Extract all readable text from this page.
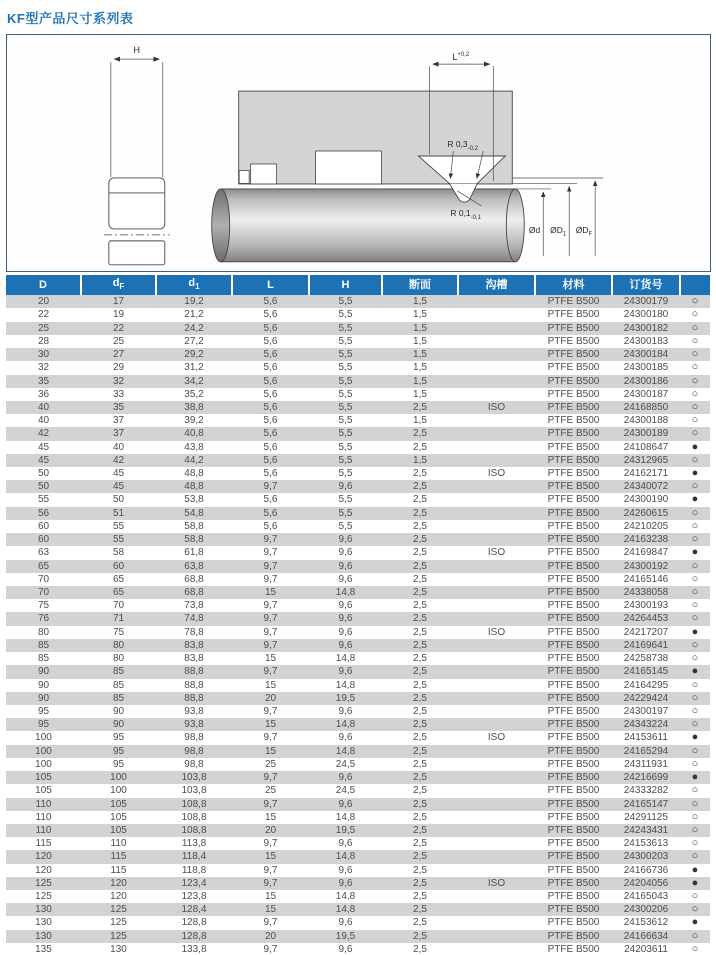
KF型产品尺寸系列表
H
$L^{+0,2}$
R $0,3_{-0,2}$
R $0,1_{-0,1}$
Ød $ØD_1$ $ØD_F$
D	$d_F$	$d_1$	L	H	断面	沟槽	材料	订货号	
20	17	19,2	5,6	5,5	1,5		PTFE B500	24300179	○
22	19	21,2	5,6	5,5	1,5		PTFE B500	24300180	○
25	22	24,2	5,6	5,5	1,5		PTFE B500	24300182	○
28	25	27,2	5,6	5,5	1,5		PTFE B500	24300183	○
30	27	29,2	5,6	5,5	1,5		PTFE B500	24300184	○
32	29	31,2	5,6	5,5	1,5		PTFE B500	24300185	○
35	32	34,2	5,6	5,5	1,5		PTFE B500	24300186	○
36	33	35,2	5,6	5,5	1,5		PTFE B500	24300187	○
40	35	38,8	5,6	5,5	2,5	ISO	PTFE B500	24168850	○
40	37	39,2	5,6	5,5	1,5		PTFE B500	24300188	○
42	37	40,8	5,6	5,5	2,5		PTFE B500	24300189	○
45	40	43,8	5,6	5,5	2,5		PTFE B500	24108647	●
45	42	44,2	5,6	5,5	1,5		PTFE B500	24312965	○
50	45	48,8	5,6	5,5	2,5	ISO	PTFE B500	24162171	●
50	45	48,8	9,7	9,6	2,5		PTFE B500	24340072	○
55	50	53,8	5,6	5,5	2,5		PTFE B500	24300190	●
56	51	54,8	5,6	5,5	2,5		PTFE B500	24260615	○
60	55	58,8	5,6	5,5	2,5		PTFE B500	24210205	○
60	55	58,8	9,7	9,6	2,5		PTFE B500	24163238	○
63	58	61,8	9,7	9,6	2,5	ISO	PTFE B500	24169847	●
65	60	63,8	9,7	9,6	2,5		PTFE B500	24300192	○
70	65	68,8	9,7	9,6	2,5		PTFE B500	24165146	○
70	65	68,8	15	14,8	2,5		PTFE B500	24338058	○
75	70	73,8	9,7	9,6	2,5		PTFE B500	24300193	○
76	71	74,8	9,7	9,6	2,5		PTFE B500	24264453	○
80	75	78,8	9,7	9,6	2,5	ISO	PTFE B500	24217207	●
85	80	83,8	9,7	9,6	2,5		PTFE B500	24169641	○
85	80	83,8	15	14,8	2,5		PTFE B500	24258738	○
90	85	88,8	9,7	9,6	2,5		PTFE B500	24165145	●
90	85	88,8	15	14,8	2,5		PTFE B500	24164295	○
90	85	88,8	20	19,5	2,5		PTFE B500	24229424	○
95	90	93,8	9,7	9,6	2,5		PTFE B500	24300197	○
95	90	93,8	15	14,8	2,5		PTFE B500	24343224	○
100	95	98,8	9,7	9,6	2,5	ISO	PTFE B500	24153611	●
100	95	98,8	15	14,8	2,5		PTFE B500	24165294	○
100	95	98,8	25	24,5	2,5		PTFE B500	24311931	○
105	100	103,8	9,7	9,6	2,5		PTFE B500	24216699	●
105	100	103,8	25	24,5	2,5		PTFE B500	24333282	○
110	105	108,8	9,7	9,6	2,5		PTFE B500	24165147	○
110	105	108,8	15	14,8	2,5		PTFE B500	24291125	○
110	105	108,8	20	19,5	2,5		PTFE B500	24243431	○
115	110	113,8	9,7	9,6	2,5		PTFE B500	24153613	○
120	115	118,4	15	14,8	2,5		PTFE B500	24300203	○
120	115	118,8	9,7	9,6	2,5		PTFE B500	24166736	●
125	120	123,4	9,7	9,6	2,5	ISO	PTFE B500	24204056	●
125	120	123,8	15	14,8	2,5		PTFE B500	24165043	○
130	125	128,4	15	14,8	2,5		PTFE B500	24300206	○
130	125	128,8	9,7	9,6	2,5		PTFE B500	24153612	●
130	125	128,8	20	19,5	2,5		PTFE B500	24166634	○
135	130	133,8	9,7	9,6	2,5		PTFE B500	24203611	○
